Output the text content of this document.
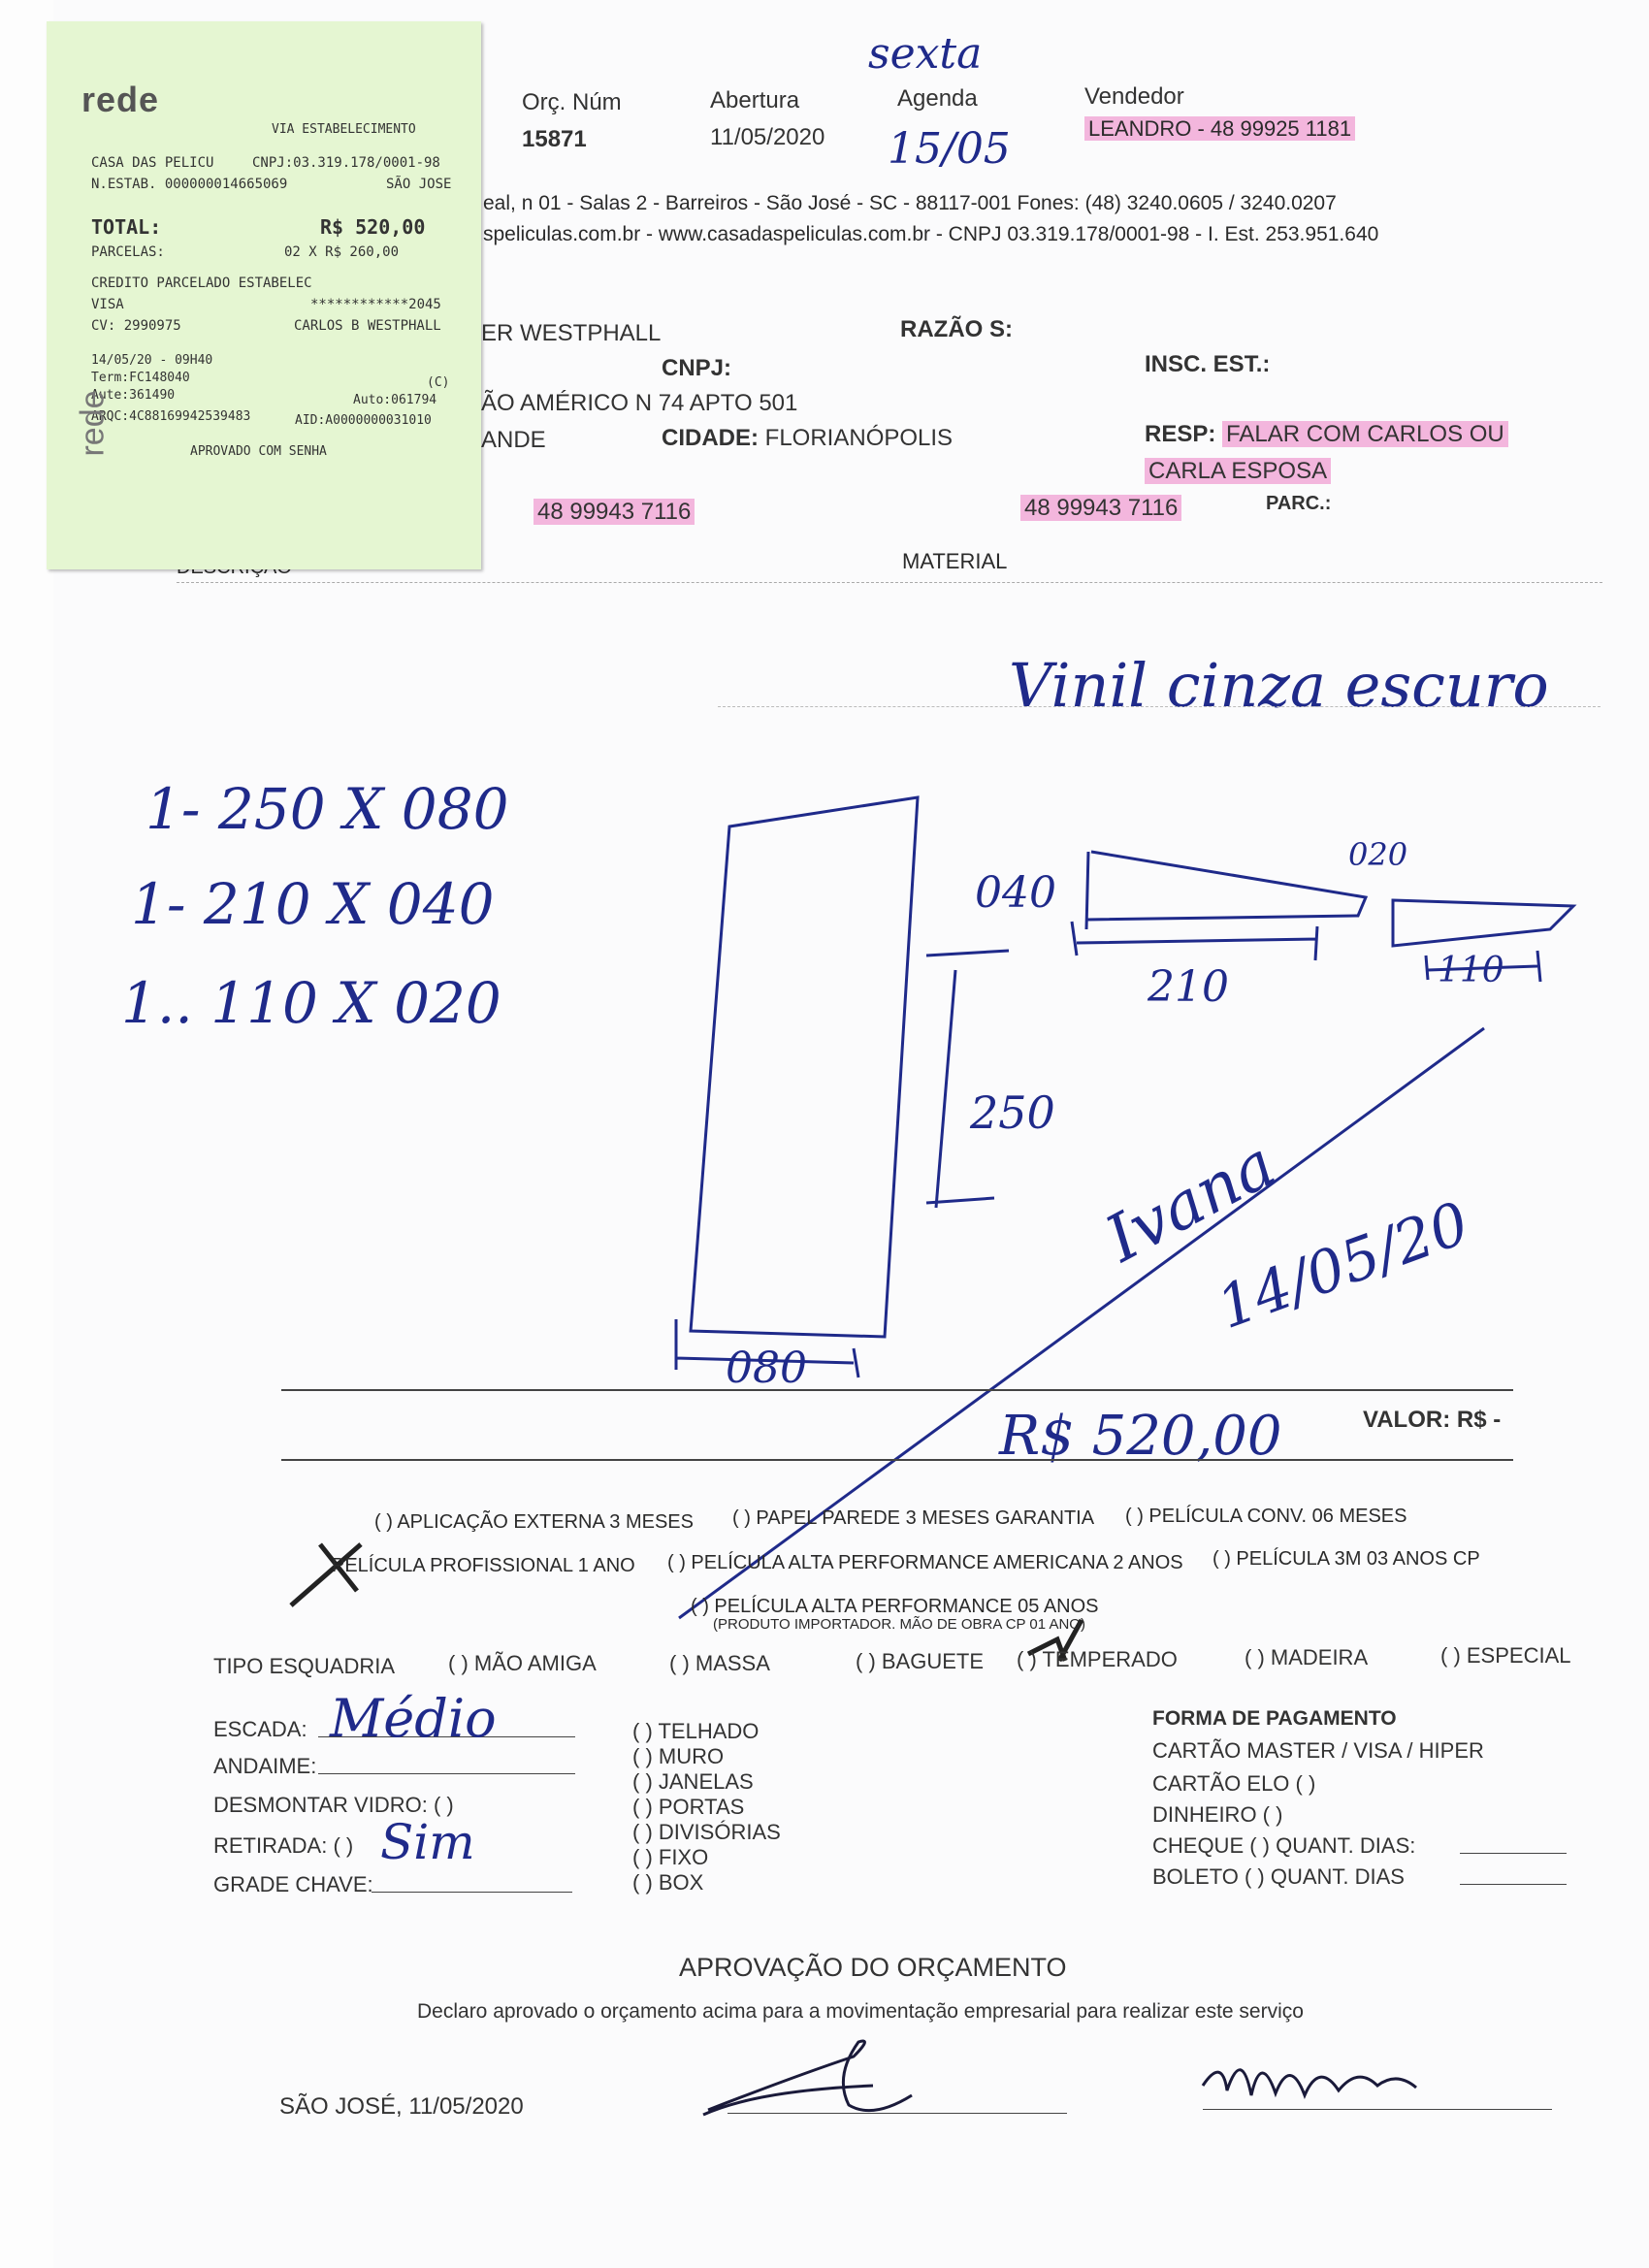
Orç. Núm
15871
Abertura
11/05/2020
Agenda
sexta
15/05
Vendedor
LEANDRO - 48 99925 1181
eal, n 01 - Salas 2 - Barreiros - São José - SC - 88117-001 Fones: (48) 3240.0605 / 3240.0207
speliculas.com.br - www.casadaspeliculas.com.br - CNPJ 03.319.178/0001-98 - I. Est. 253.951.640
ER WESTPHALL	RAZÃO S:
CNPJ:	INSC. EST.:
ÃO AMÉRICO N 74 APTO 501
ANDE	CIDADE: FLORIANÓPOLIS	RESP: FALAR COM CARLOS OU
CARLA ESPOSA
48 99943 7116	48 99943 7116	PARC.:
MATERIAL
Vinil cinza escuro
1- 250 X 080
1- 210 X 040
1.. 110 X 020
040
210
020
110
250
080
Ivana
14/05/20
R$ 520,00	VALOR: R$ -
( ) APLICAÇÃO EXTERNA 3 MESES ( ) PAPEL PAREDE 3 MESES GARANTIA ( ) PELÍCULA CONV. 06 MESES
PELÍCULA PROFISSIONAL 1 ANO ( ) PELÍCULA ALTA PERFORMANCE AMERICANA 2 ANOS ( ) PELÍCULA 3M 03 ANOS CP
( ) PELÍCULA ALTA PERFORMANCE 05 ANOS
(PRODUTO IMPORTADOR. MÃO DE OBRA CP 01 ANO)
TIPO ESQUADRIA ( ) MÃO AMIGA	( ) MASSA	( ) BAGUETE ( ) TEMPERADO	( ) MADEIRA	( ) ESPECIAL
ESCADA: Médio
ANDAIME:
DESMONTAR VIDRO: ( )
RETIRADA: ( ) Sim
GRADE CHAVE:
( ) TELHADO
( ) MURO
( ) JANELAS
( ) PORTAS
( ) DIVISÓRIAS
( ) FIXO
( ) BOX
FORMA DE PAGAMENTO
CARTÃO MASTER / VISA / HIPER
CARTÃO ELO ( )
DINHEIRO ( )
CHEQUE ( ) QUANT. DIAS:
BOLETO ( ) QUANT. DIAS
APROVAÇÃO DO ORÇAMENTO
Declaro aprovado o orçamento acima para a movimentação empresarial para realizar este serviço
SÃO JOSÉ, 11/05/2020
rede
VIA ESTABELECIMENTO
CASA DAS PELICU	CNPJ:03.319.178/0001-98
N.ESTAB. 000000014665069	SÃO JOSE
TOTAL:	R$ 520,00
PARCELAS:	02 X R$ 260,00
CREDITO PARCELADO ESTABELEC
VISA	************2045
CV: 2990975	CARLOS B WESTPHALL
14/05/20 - 09H40
Term:FC148040	(C)
Aute:361490	Auto:061794
ARQC:4C88169942539483	AID:A0000000031010
APROVADO COM SENHA
rede
